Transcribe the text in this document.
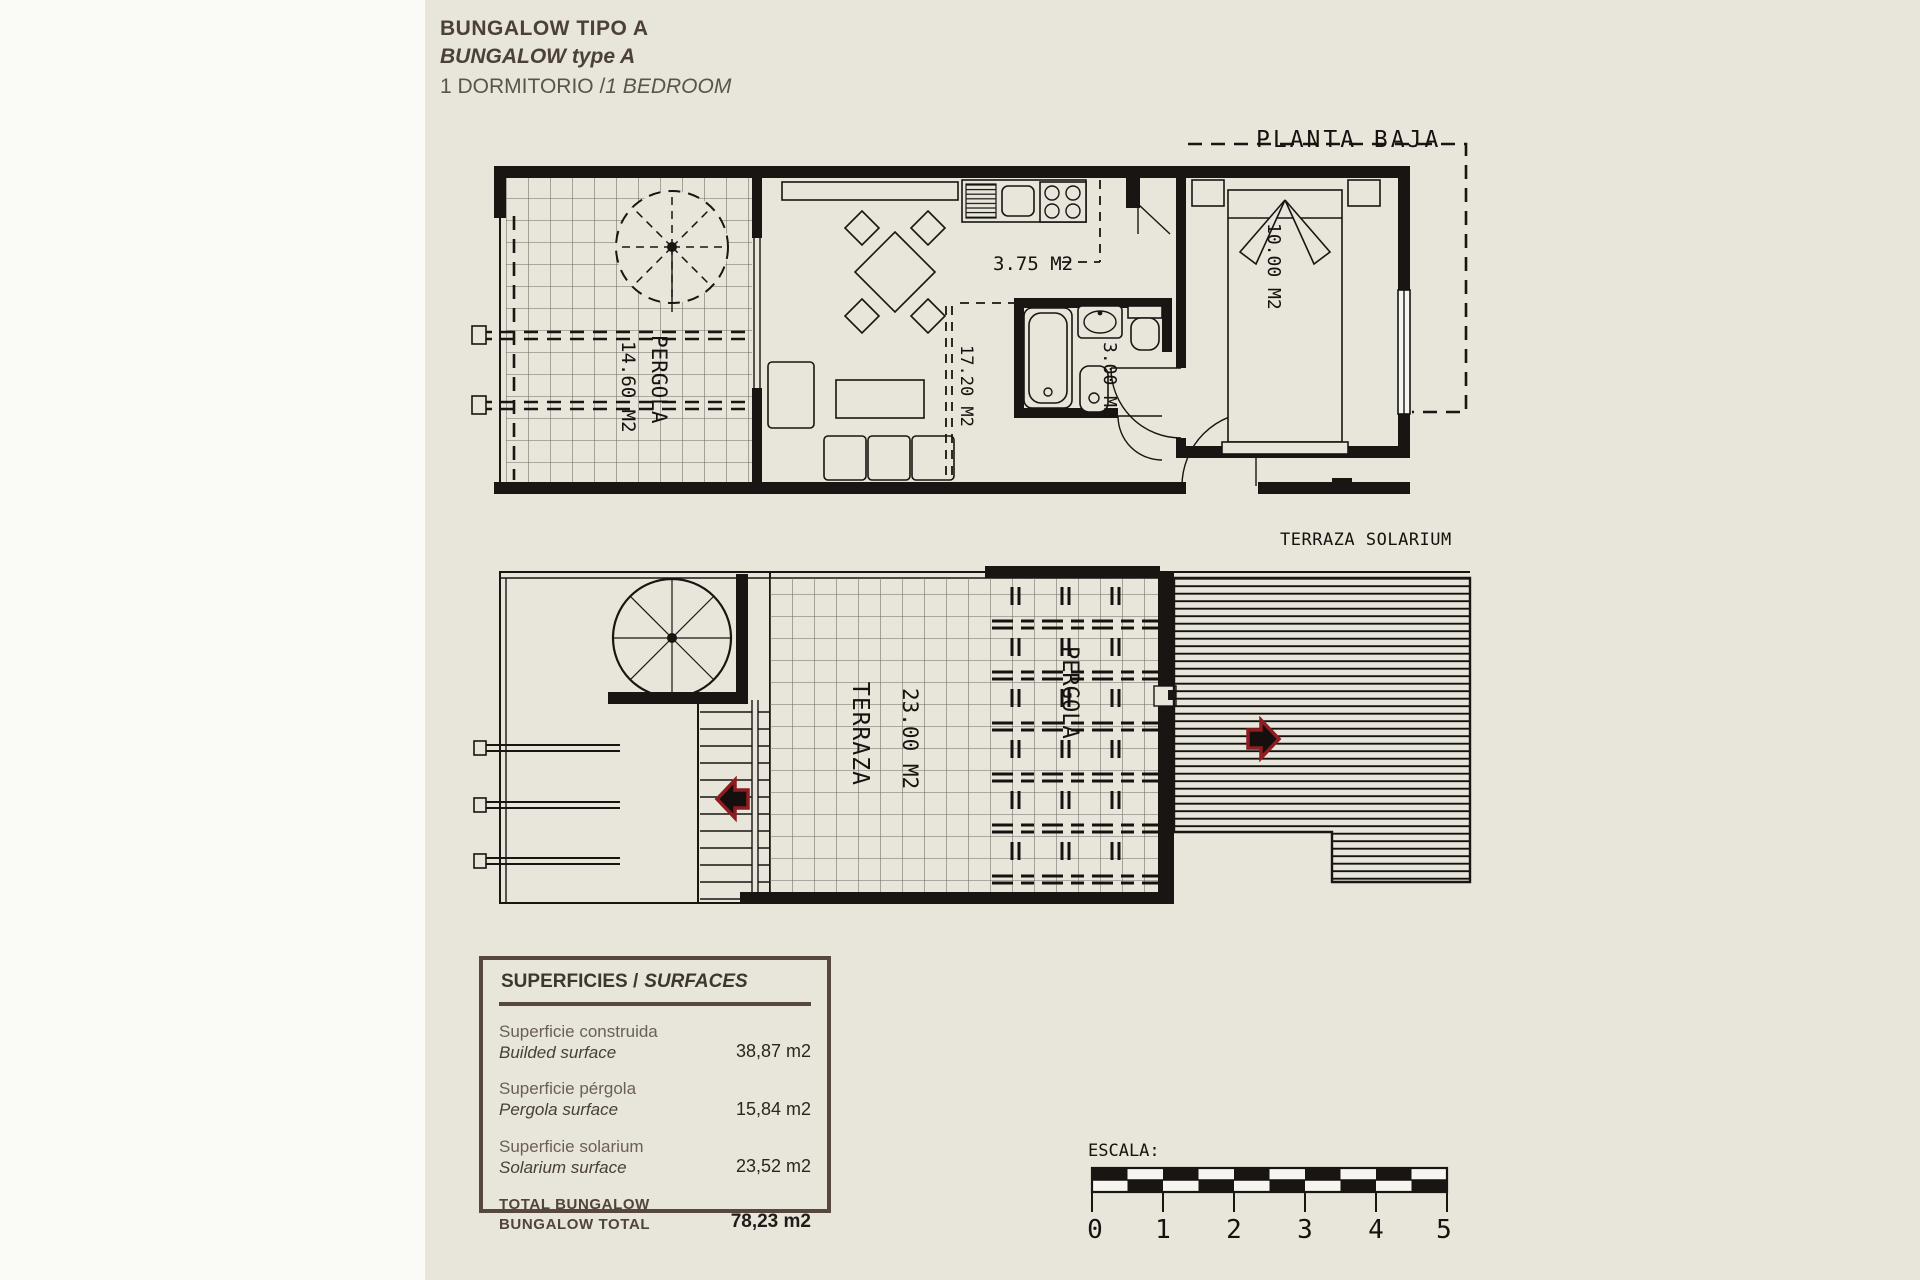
PLANTA BAJA
PERGOLA
14.60 M2
3.75 M2
17.20 M2	3.00 M2
10.00 M2
TERRAZA SOLARIUM
TERRAZA 23.00 M2	PERGOLA
ESCALA:
0 1 2 3 4 5
BUNGALOW TIPO A
BUNGALOW type A
1 DORMITORIO /1 BEDROOM
SUPERFICIES / SURFACES
Superficie construida
Builded surface	38,87 m2
Superficie pérgola
Pergola surface	15,84 m2
Superficie solarium
Solarium surface	23,52 m2
TOTAL BUNGALOW
BUNGALOW TOTAL	78,23 m2
